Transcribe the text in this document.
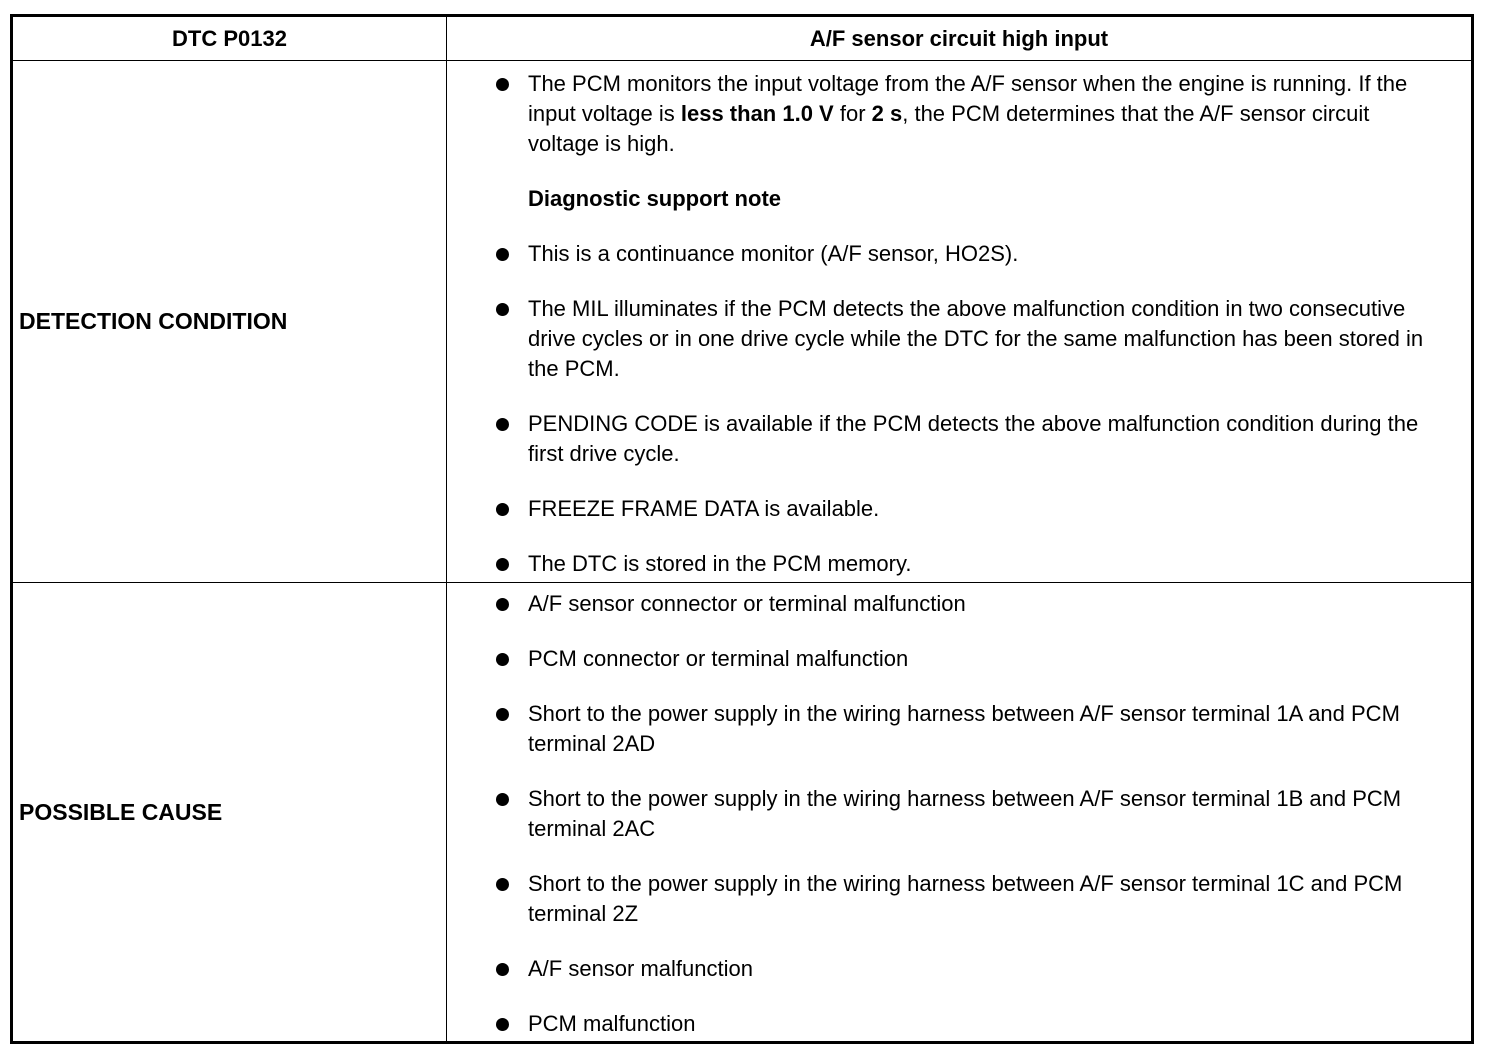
DTC P0132	A/F sensor circuit high input
DETECTION CONDITION
The PCM monitors the input voltage from the A/F sensor when the engine is running. If the input voltage is less than 1.0 V for 2 s, the PCM determines that the A/F sensor circuit voltage is high.
Diagnostic support note
This is a continuance monitor (A/F sensor, HO2S).
The MIL illuminates if the PCM detects the above malfunction condition in two consecutive drive cycles or in one drive cycle while the DTC for the same malfunction has been stored in the PCM.
PENDING CODE is available if the PCM detects the above malfunction condition during the first drive cycle.
FREEZE FRAME DATA is available.
The DTC is stored in the PCM memory.
POSSIBLE CAUSE
A/F sensor connector or terminal malfunction
PCM connector or terminal malfunction
Short to the power supply in the wiring harness between A/F sensor terminal 1A and PCM terminal 2AD
Short to the power supply in the wiring harness between A/F sensor terminal 1B and PCM terminal 2AC
Short to the power supply in the wiring harness between A/F sensor terminal 1C and PCM terminal 2Z
A/F sensor malfunction
PCM malfunction
